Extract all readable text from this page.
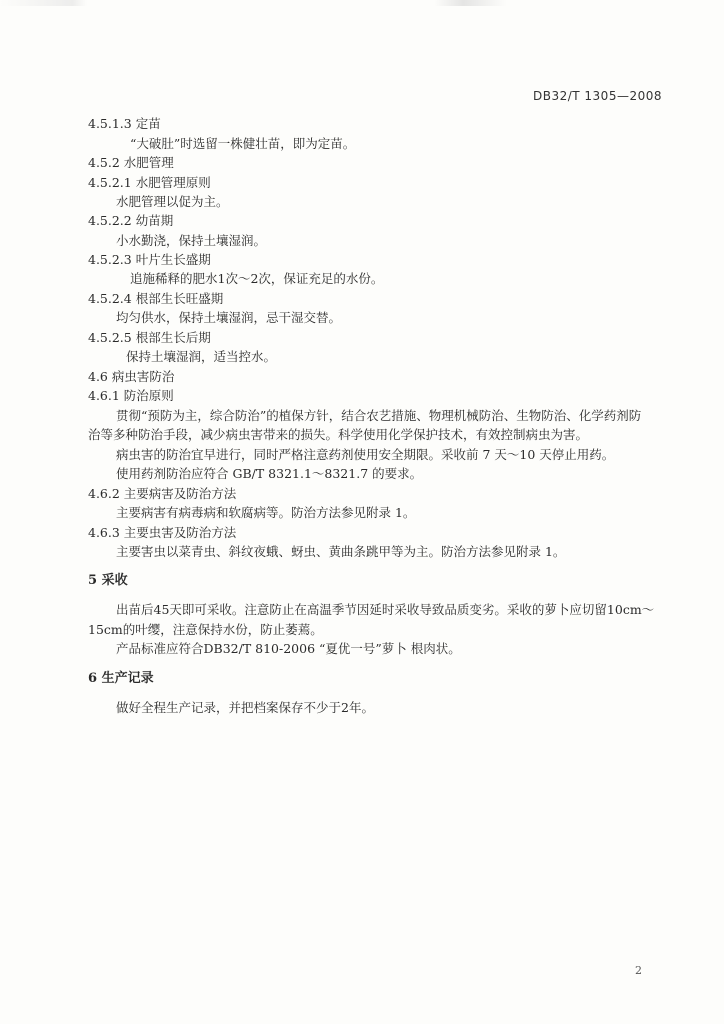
DB32/T 1305—2008
4.5.1.3 定苗
“大破肚”时选留一株健壮苗，即为定苗。
4.5.2 水肥管理
4.5.2.1 水肥管理原则
水肥管理以促为主。
4.5.2.2 幼苗期
小水勤浇，保持土壤湿润。
4.5.2.3 叶片生长盛期
追施稀释的肥水1次～2次，保证充足的水份。
4.5.2.4 根部生长旺盛期
均匀供水，保持土壤湿润，忌干湿交替。
4.5.2.5 根部生长后期
保持土壤湿润，适当控水。
4.6 病虫害防治
4.6.1 防治原则
贯彻“预防为主，综合防治”的植保方针，结合农艺措施、物理机械防治、生物防治、化学药剂防
治等多种防治手段，减少病虫害带来的损失。科学使用化学保护技术，有效控制病虫为害。
病虫害的防治宜早进行，同时严格注意药剂使用安全期限。采收前 7 天～10 天停止用药。
使用药剂防治应符合 GB/T 8321.1～8321.7 的要求。
4.6.2 主要病害及防治方法
主要病害有病毒病和软腐病等。防治方法参见附录 1。
4.6.3 主要虫害及防治方法
主要害虫以菜青虫、斜纹夜蛾、蚜虫、黄曲条跳甲等为主。防治方法参见附录 1。
5 采收
出苗后45天即可采收。注意防止在高温季节因延时采收导致品质变劣。采收的萝卜应切留10cm～
15cm的叶缨，注意保持水份，防止萎蔫。
产品标准应符合DB32/T 810-2006 “夏优一号”萝卜 根肉状。
6 生产记录
做好全程生产记录，并把档案保存不少于2年。
2
